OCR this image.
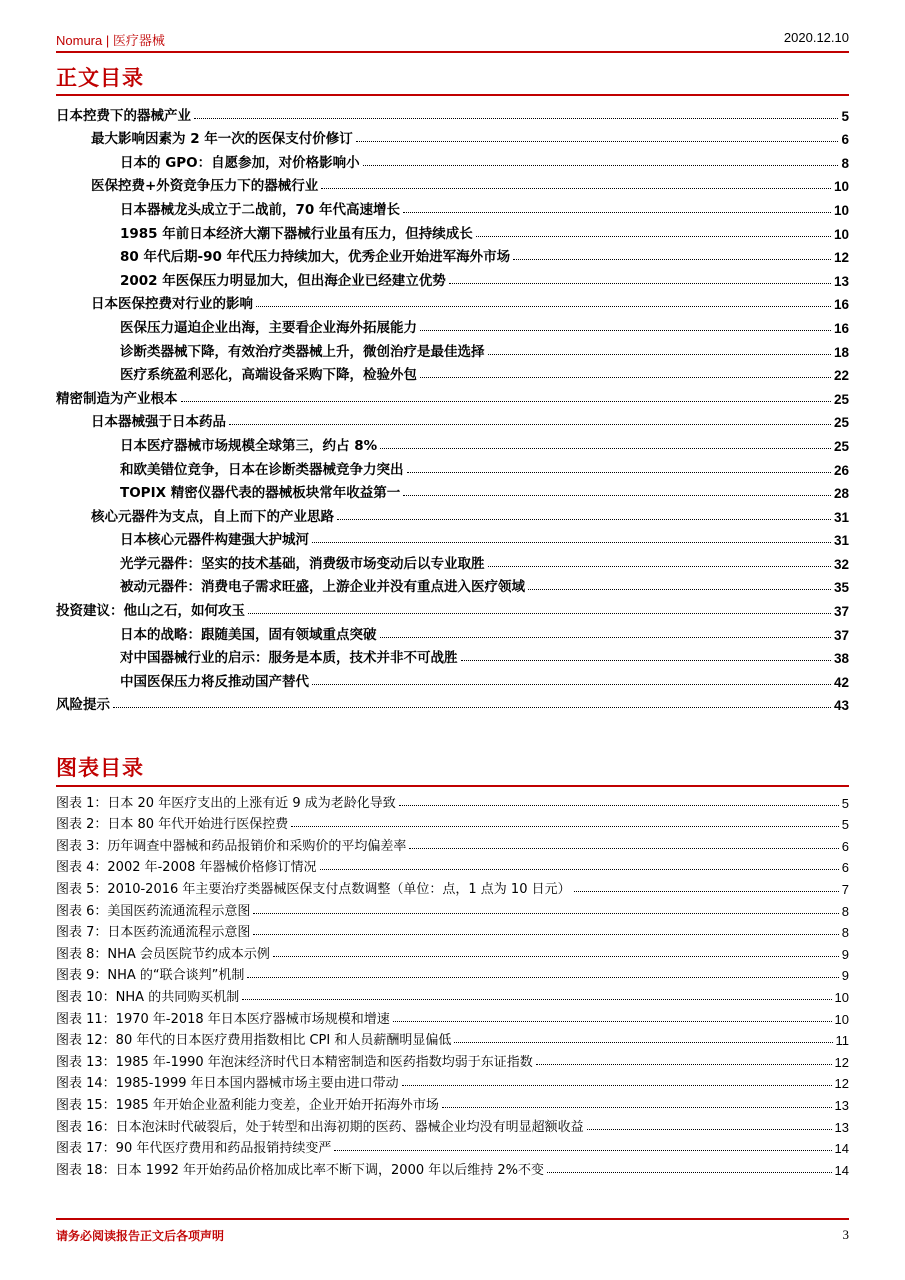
Nomura | 医疗器械	2020.12.10
正文目录
日本控费下的器械产业	5
最大影响因素为 2 年一次的医保支付价修订	6
日本的 GPO：自愿参加，对价格影响小	8
医保控费+外资竞争压力下的器械行业	10
日本器械龙头成立于二战前，70 年代高速增长	10
1985 年前日本经济大潮下器械行业虽有压力，但持续成长	10
80 年代后期-90 年代压力持续加大，优秀企业开始进军海外市场	12
2002 年医保压力明显加大，但出海企业已经建立优势	13
日本医保控费对行业的影响	16
医保压力逼迫企业出海，主要看企业海外拓展能力	16
诊断类器械下降，有效治疗类器械上升，微创治疗是最佳选择	18
医疗系统盈利恶化，高端设备采购下降，检验外包	22
精密制造为产业根本	25
日本器械强于日本药品	25
日本医疗器械市场规模全球第三，约占 8%	25
和欧美错位竞争，日本在诊断类器械竞争力突出	26
TOPIX 精密仪器代表的器械板块常年收益第一	28
核心元器件为支点，自上而下的产业思路	31
日本核心元器件构建强大护城河	31
光学元器件：坚实的技术基础，消费级市场变动后以专业取胜	32
被动元器件：消费电子需求旺盛，上游企业并没有重点进入医疗领域	35
投资建议：他山之石，如何攻玉	37
日本的战略：跟随美国，固有领域重点突破	37
对中国器械行业的启示：服务是本质，技术并非不可战胜	38
中国医保压力将反推动国产替代	42
风险提示	43
图表目录
图表 1：日本 20 年医疗支出的上涨有近 9 成为老龄化导致	5
图表 2：日本 80 年代开始进行医保控费	5
图表 3：历年调查中器械和药品报销价和采购价的平均偏差率	6
图表 4：2002 年-2008 年器械价格修订情况	6
图表 5：2010-2016 年主要治疗类器械医保支付点数调整（单位：点，1 点为 10 日元）	7
图表 6：美国医药流通流程示意图	8
图表 7：日本医药流通流程示意图	8
图表 8：NHA 会员医院节约成本示例	9
图表 9：NHA 的“联合谈判”机制	9
图表 10：NHA 的共同购买机制	10
图表 11：1970 年-2018 年日本医疗器械市场规模和增速	10
图表 12：80 年代的日本医疗费用指数相比 CPI 和人员薪酬明显偏低	11
图表 13：1985 年-1990 年泡沫经济时代日本精密制造和医药指数均弱于东证指数	12
图表 14：1985-1999 年日本国内器械市场主要由进口带动	12
图表 15：1985 年开始企业盈利能力变差，企业开始开拓海外市场	13
图表 16：日本泡沫时代破裂后，处于转型和出海初期的医药、器械企业均没有明显超额收益	13
图表 17：90 年代医疗费用和药品报销持续变严	14
图表 18：日本 1992 年开始药品价格加成比率不断下调，2000 年以后维持 2%不变	14
请务必阅读报告正文后各项声明	3
